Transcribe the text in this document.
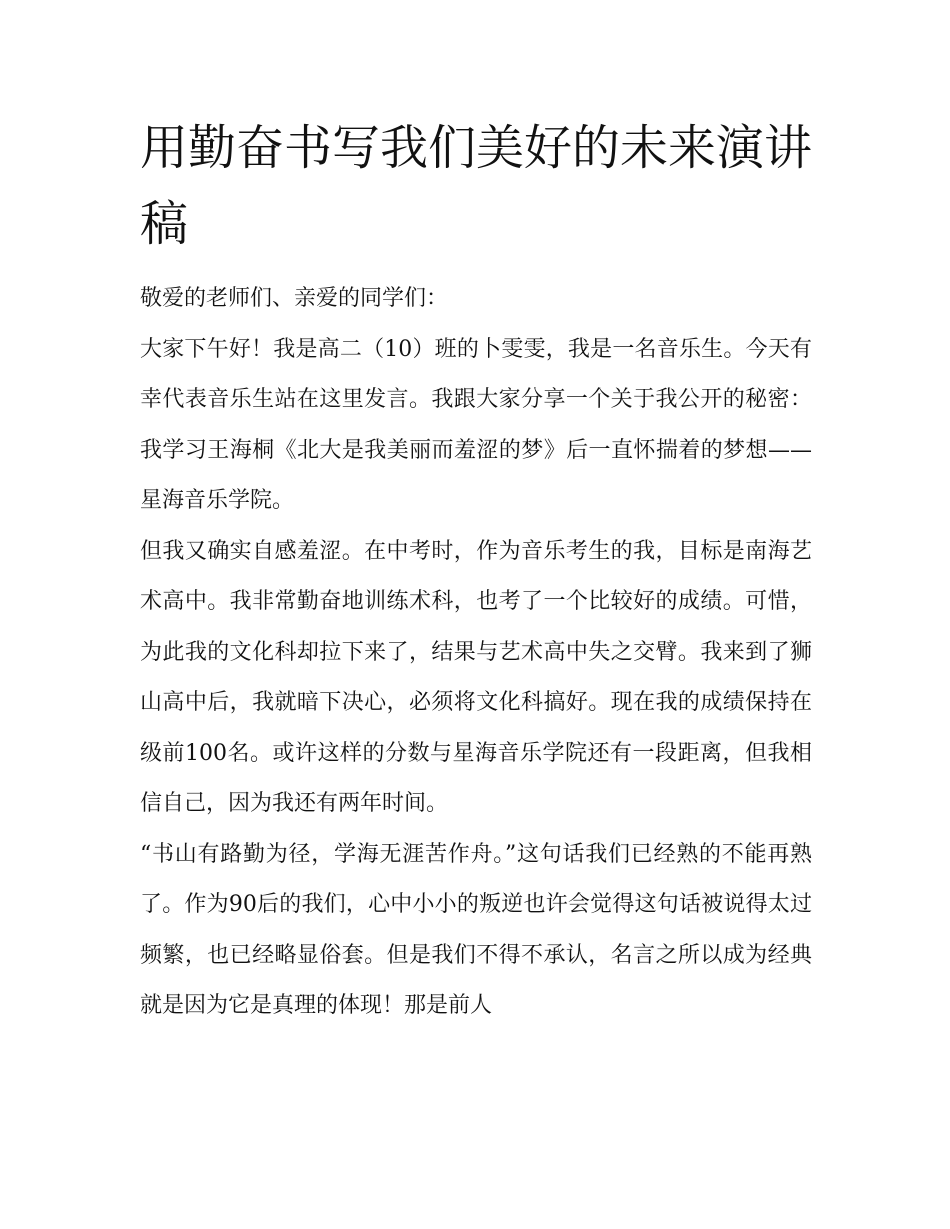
用勤奋书写我们美好的未来演讲稿

敬爱的老师们、亲爱的同学们：

大家下午好！我是高二（10）班的卜雯雯，我是一名音乐生。今天有幸代表音乐生站在这里发言。我跟大家分享一个关于我公开的秘密：我学习王海桐《北大是我美丽而羞涩的梦》后一直怀揣着的梦想——星海音乐学院。

但我又确实自感羞涩。在中考时，作为音乐考生的我，目标是南海艺术高中。我非常勤奋地训练术科，也考了一个比较好的成绩。可惜，为此我的文化科却拉下来了，结果与艺术高中失之交臂。我来到了狮山高中后，我就暗下决心，必须将文化科搞好。现在我的成绩保持在级前100名。或许这样的分数与星海音乐学院还有一段距离，但我相信自己，因为我还有两年时间。

“书山有路勤为径，学海无涯苦作舟。”这句话我们已经熟的不能再熟了。作为90后的我们，心中小小的叛逆也许会觉得这句话被说得太过频繁，也已经略显俗套。但是我们不得不承认，名言之所以成为经典就是因为它是真理的体现！那是前人
